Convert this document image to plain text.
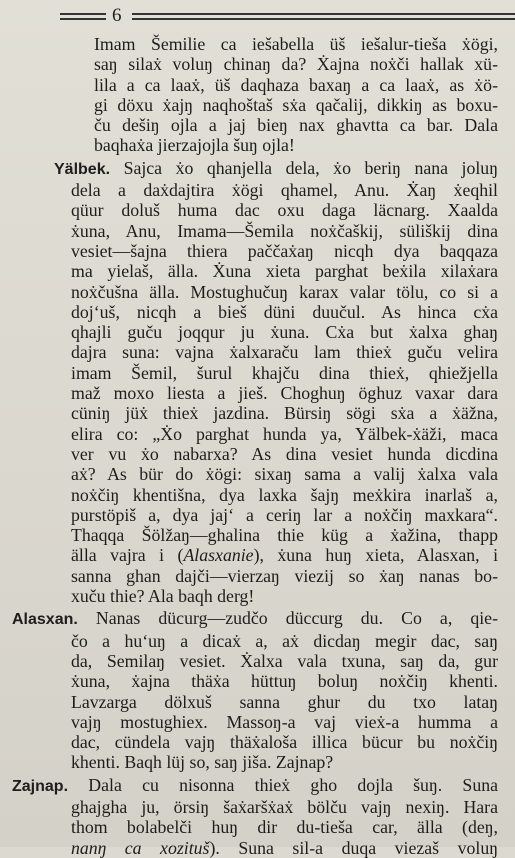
6

Imam Šemilie ca iešabella üš iešalur-tieša ẋögi,
saŋ silaẋ voluŋ chinaŋ da? Ẋajna noẋči hallak xü-
lila a ca laaẋ, üš daqhaza baxaŋ a ca laaẋ, as ẋö-
gi döxu ẋajŋ naqhoštaš sẋa qačalij, dikkiŋ as boxu-
ču dešiŋ ojla a jaj bieŋ nax ghavtta ca bar. Dala
baqhaẋa jierzajojla šuŋ ojla!

Yälbek. Sajca ẋo qhanjella dela, ẋo beriŋ nana joluŋ
dela a daẋdajtira ẋögi qhamel, Anu. Ẋaŋ ẋeqhil
qüur doluš huma dac oxu daga läcnarg. Xaalda
ẋuna, Anu, Imama—Šemila noẋčaškij, süliškij dina
vesiet—šajna thiera paččaẋaŋ nicqh dya baqqaza
ma yielaš, älla. Ẋuna xieta parghat beẋila xilaẋara
noẋčušna älla. Mostughučuŋ karax valar tölu, co si a
doj‘uš, nicqh a bieš düni duučul. As hinca cẋa
qhajli guču joqqur ju ẋuna. Cẋa but ẋalxa ghaŋ
dajra suna: vajna ẋalxaraču lam thieẋ guču velira
imam Šemil, šurul khajču dina thieẋ, qhiežjella
maž moxo liesta a jieš. Choghuŋ öghuz vaxar dara
cüniŋ jüẋ thieẋ jazdina. Bürsiŋ sögi sẋa a ẋäžna,
elira co: „Ẋo parghat hunda ya, Yälbek-ẋäži, maca
ver vu ẋo nabarxa? As dina vesiet hunda dicdina
aẋ? As bür do ẋögi: sixaŋ sama a valij ẋalxa vala
noẋčiŋ khentišna, dya laxka šajŋ meẋkira inarlaš a,
purstöpiš a, dya jaj‘ a ceriŋ lar a noẋčiŋ maxkara“.
Thaqqa Šölžaŋ—ghalina thie küg a ẋažina, thapp
älla vajra i (Alasxanie), ẋuna huŋ xieta, Alasxan, i
sanna ghan dajči—vierzaŋ viezij so ẋaŋ nanas bo-
xuču thie? Ala baqh derg!

Alasxan. Nanas dücurg—zudčo düccurg du. Co a, qie-
čo a hu‘uŋ a dicaẋ a, aẋ dicdaŋ megir dac, saŋ
da, Semilaŋ vesiet. Ẋalxa vala txuna, saŋ da, gur
ẋuna, ẋajna thäẋa hüttuŋ boluŋ noẋčiŋ khenti.
Lavzarga dölxuš sanna ghur du txo lataŋ
vajŋ mostughiex. Massoŋ-a vaj vieẋ-a humma a
dac, cündela vajŋ thäẋaloša illica bücur bu noẋčiŋ
khenti. Baqh lüj so, saŋ jiša. Zajnap?

Zajnap. Dala cu nisonna thieẋ gho dojla šuŋ. Suna
ghajgha ju, örsiŋ šaẋaršẋaẋ bölču vajŋ nexiŋ. Hara
thom bolabelči huŋ dir du-tieša car, älla (deŋ,
nanŋ ca xozituš). Suna sil-a duqa viezaš voluŋ
